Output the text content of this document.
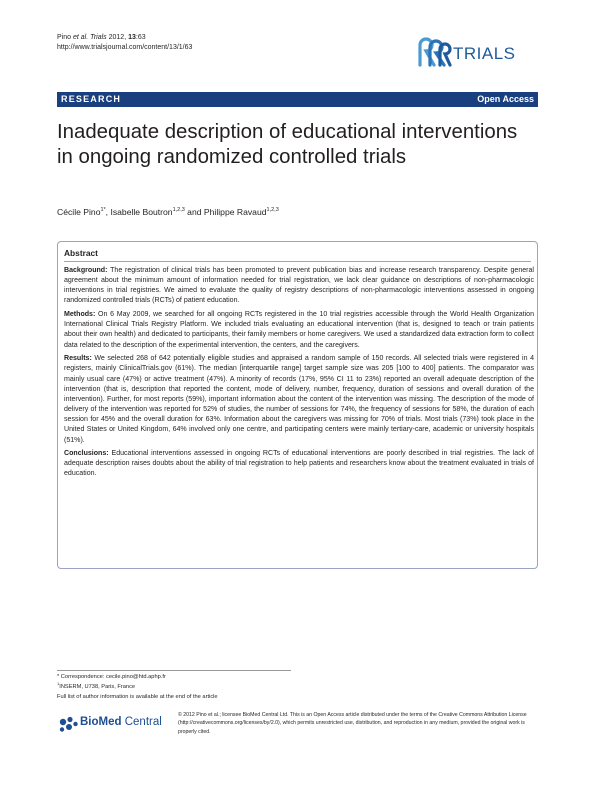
Pino et al. Trials 2012, 13:63
http://www.trialsjournal.com/content/13/1/63	TRIALS
RESEARCH	Open Access
Inadequate description of educational interventions in ongoing randomized controlled trials
Cécile Pino$^{1*}$, Isabelle Boutron$^{1,2,3}$ and Philippe Ravaud$^{1,2,3}$
Abstract

Background: The registration of clinical trials has been promoted to prevent publication bias and increase research transparency. Despite general agreement about the minimum amount of information needed for trial registration, we lack clear guidance on descriptions of non-pharmacologic interventions in trial registries. We aimed to evaluate the quality of registry descriptions of non-pharmacologic interventions assessed in ongoing randomized controlled trials (RCTs) of patient education.

Methods: On 6 May 2009, we searched for all ongoing RCTs registered in the 10 trial registries accessible through the World Health Organization International Clinical Trials Registry Platform. We included trials evaluating an educational intervention (that is, designed to teach or train patients about their own health) and dedicated to participants, their family members or home caregivers. We used a standardized data extraction form to collect data related to the description of the experimental intervention, the centers, and the caregivers.

Results: We selected 268 of 642 potentially eligible studies and appraised a random sample of 150 records. All selected trials were registered in 4 registers, mainly ClinicalTrials.gov (61%). The median [interquartile range] target sample size was 205 [100 to 400] patients. The comparator was mainly usual care (47%) or active treatment (47%). A minority of records (17%, 95% CI 11 to 23%) reported an overall adequate description of the intervention (that is, description that reported the content, mode of delivery, number, frequency, duration of sessions and overall duration of the intervention). Further, for most reports (59%), important information about the content of the intervention was missing. The description of the mode of delivery of the intervention was reported for 52% of studies, the number of sessions for 74%, the frequency of sessions for 58%, the duration of each session for 45% and the overall duration for 63%. Information about the caregivers was missing for 70% of trials. Most trials (73%) took place in the United States or United Kingdom, 64% involved only one centre, and participating centers were mainly tertiary-care, academic or university hospitals (51%).

Conclusions: Educational interventions assessed in ongoing RCTs of educational interventions are poorly described in trial registries. The lack of adequate description raises doubts about the ability of trial registration to help patients and researchers know about the treatment evaluated in trials of education.

* Correspondence: cecile.pino@htd.aphp.fr
$^1$INSERM, U738, Paris, France
Full list of author information is available at the end of the article
BioMed Central
© 2012 Pino et al.; licensee BioMed Central Ltd. This is an Open Access article distributed under the terms of the Creative Commons Attribution License (http://creativecommons.org/licenses/by/2.0), which permits unrestricted use, distribution, and reproduction in any medium, provided the original work is properly cited.
